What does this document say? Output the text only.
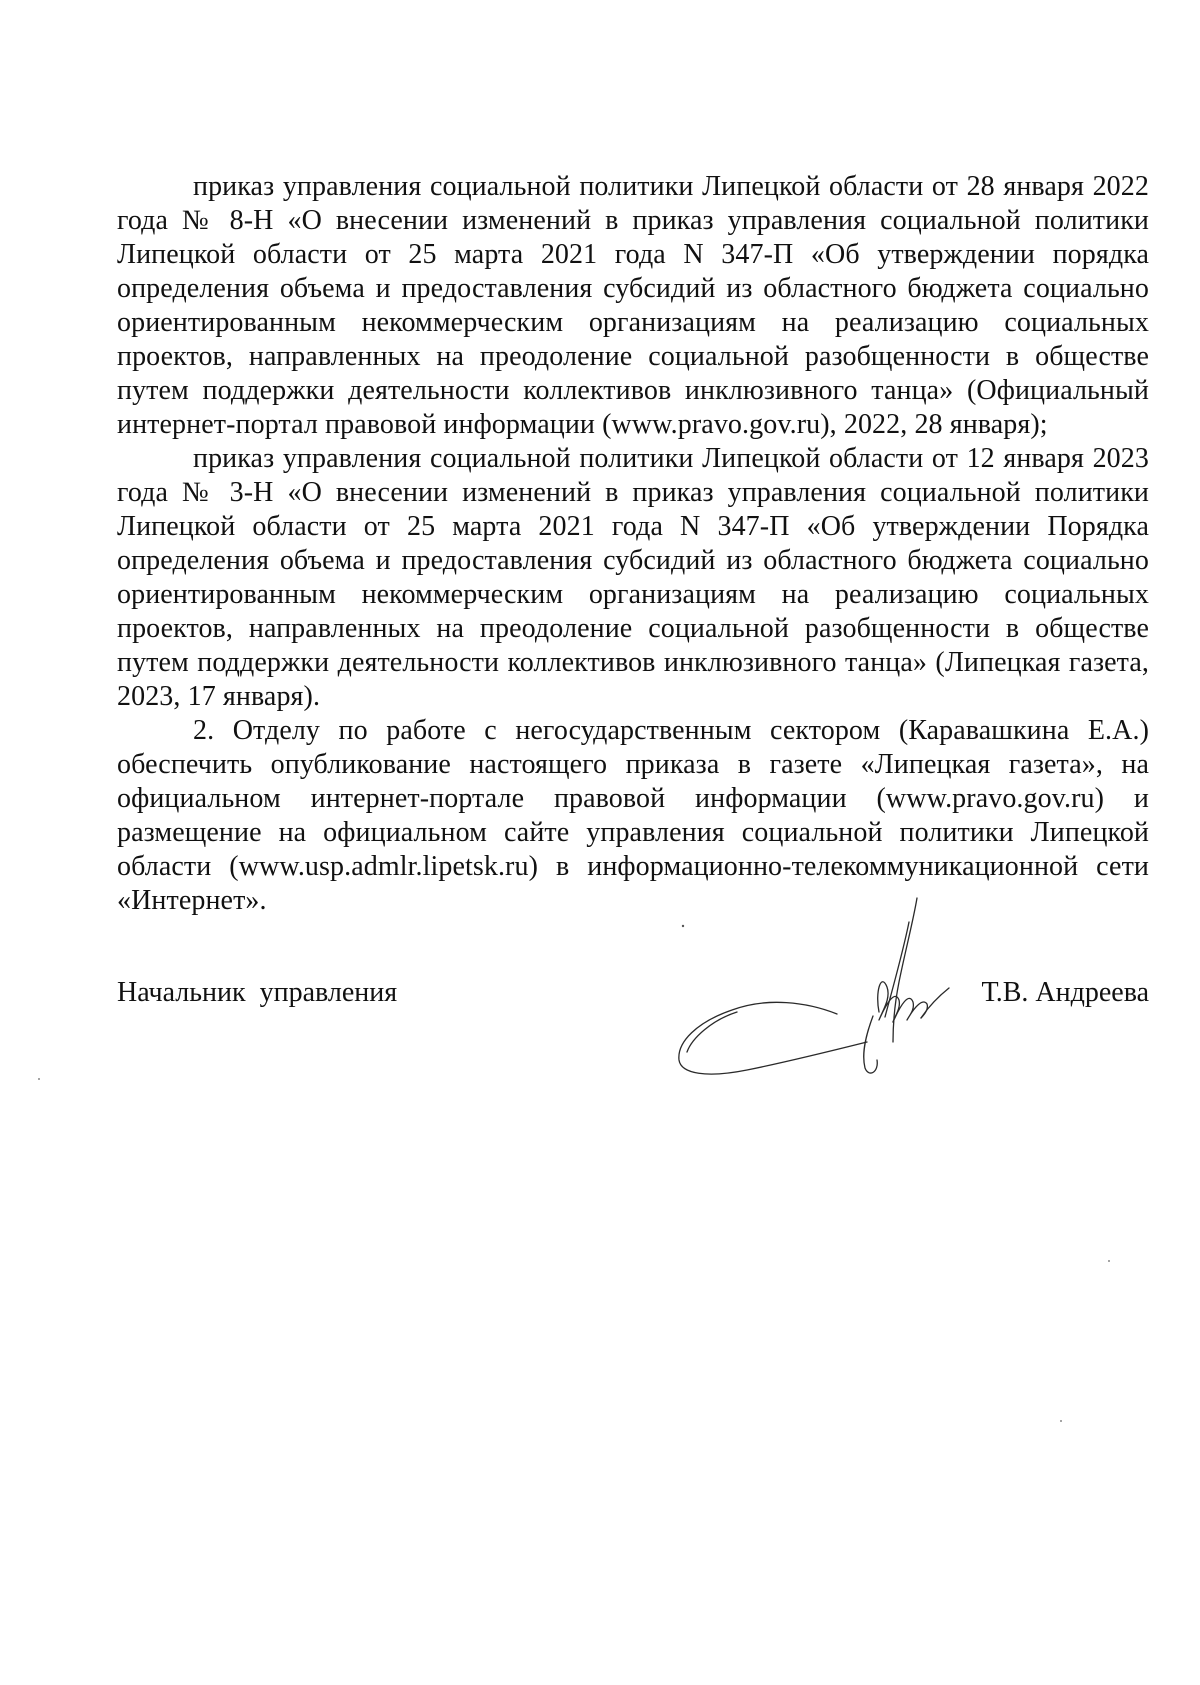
приказ управления социальной политики Липецкой области от 28 января 2022 года № 8-Н «О внесении изменений в приказ управления социальной политики Липецкой области от 25 марта 2021 года N 347-П «Об утверждении порядка определения объема и предоставления субсидий из областного бюджета социально ориентированным некоммерческим организациям на реализацию социальных проектов, направленных на преодоление социальной разобщенности в обществе путем поддержки деятельности коллективов инклюзивного танца» (Официальный интернет-портал правовой информации (www.pravo.gov.ru), 2022, 28 января);

приказ управления социальной политики Липецкой области от 12 января 2023 года № 3-Н «О внесении изменений в приказ управления социальной политики Липецкой области от 25 марта 2021 года N 347-П «Об утверждении Порядка определения объема и предоставления субсидий из областного бюджета социально ориентированным некоммерческим организациям на реализацию социальных проектов, направленных на преодоление социальной разобщенности в обществе путем поддержки деятельности коллективов инклюзивного танца» (Липецкая газета, 2023, 17 января).

2. Отделу по работе с негосударственным сектором (Каравашкина Е.А.) обеспечить опубликование настоящего приказа в газете «Липецкая газета», на официальном интернет-портале правовой информации (www.pravo.gov.ru) и размещение на официальном сайте управления социальной политики Липецкой области (www.usp.admlr.lipetsk.ru) в информационно-телекоммуникационной сети «Интернет».

Начальник  управления	Т.В. Андреева
